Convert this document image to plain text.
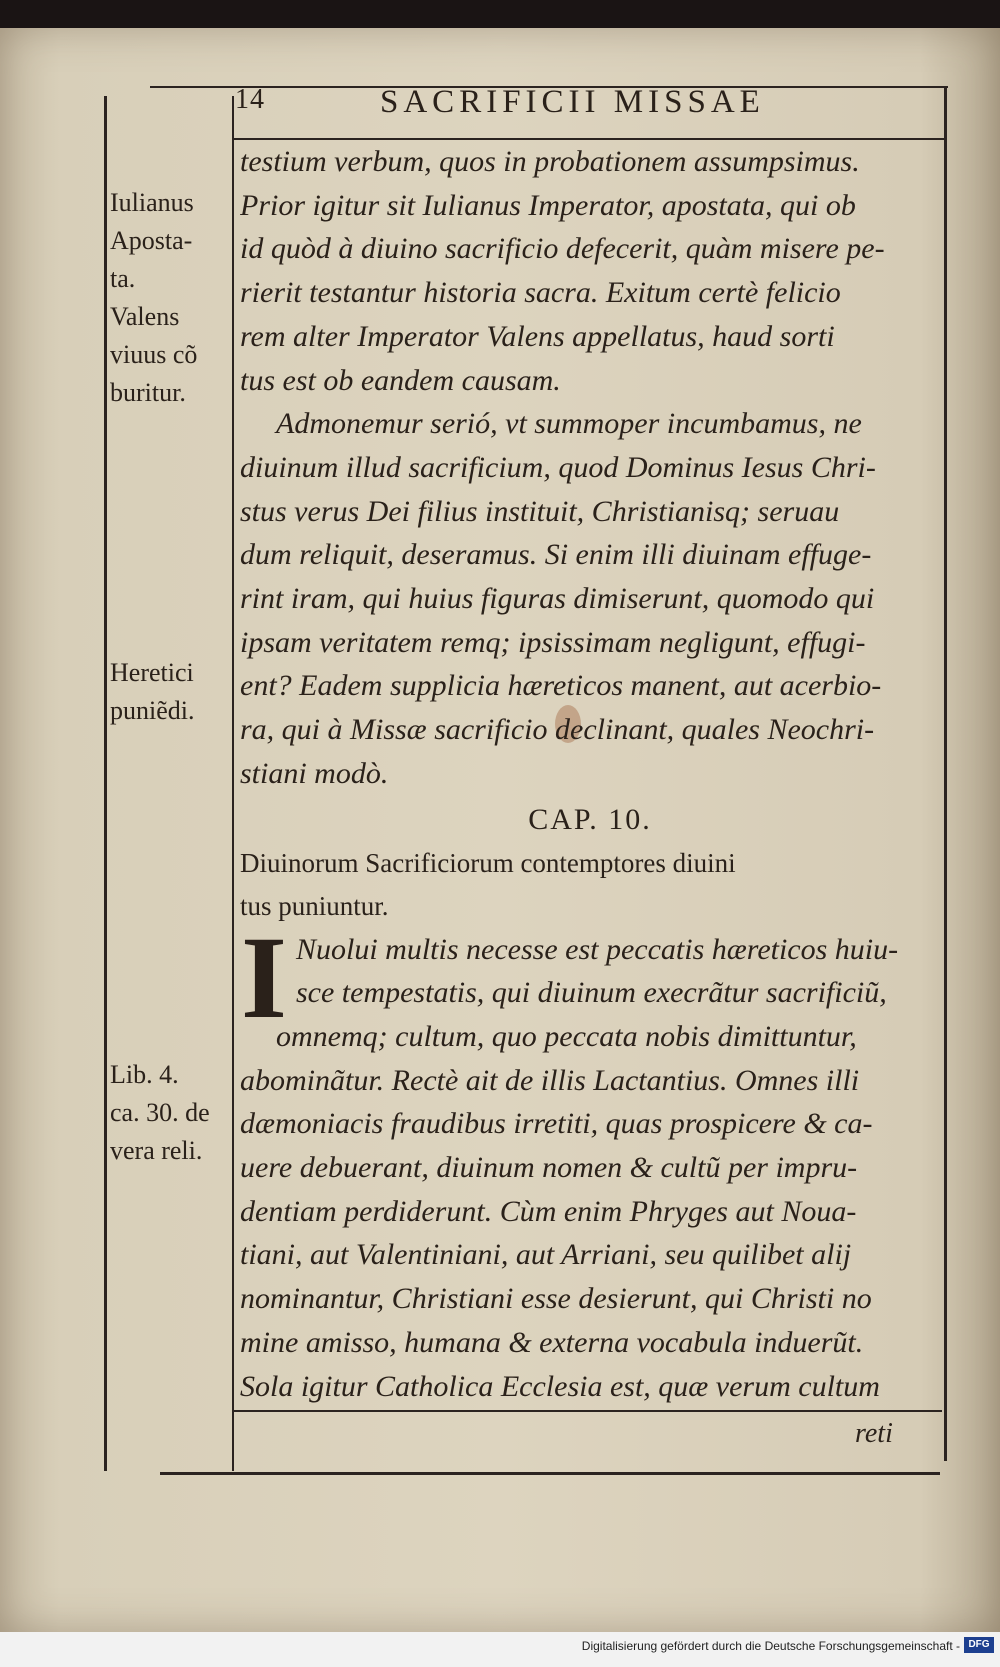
14	SACRIFICII MISSAE
testium verbum, quos in probationem assumpsimus.
Prior igitur sit Iulianus Imperator, apostata, qui ob
id quòd à diuino sacrificio defecerit, quàm misere pe-
rierit testantur historia sacra. Exitum certè felicio
rem alter Imperator Valens appellatus, haud sorti
tus est ob eandem causam.
Admonemur serió, vt summoper incumbamus, ne
diuinum illud sacrificium, quod Dominus Iesus Chri-
stus verus Dei filius instituit, Christianisq; seruau
dum reliquit, deseramus. Si enim illi diuinam effuge-
rint iram, qui huius figuras dimiserunt, quomodo qui
ipsam veritatem remq; ipsissimam negligunt, effugi-
ent? Eadem supplicia hæreticos manent, aut acerbio-
ra, qui à Missæ sacrificio declinant, quales Neochri-
stiani modò.
CAP. 10.
Diuinorum Sacrificiorum contemptores diuini
tus puniuntur.
I Nuolui multis necesse est peccatis hæreticos huiu-
sce tempestatis, qui diuinum execrãtur sacrificiũ,
omnemq; cultum, quo peccata nobis dimittuntur,
abominãtur. Rectè ait de illis Lactantius. Omnes illi
dæmoniacis fraudibus irretiti, quas prospicere & ca-
uere debuerant, diuinum nomen & cultũ per impru-
dentiam perdiderunt. Cùm enim Phryges aut Noua-
tiani, aut Valentiniani, aut Arriani, seu quilibet alij
nominantur, Christiani esse desierunt, qui Christi no
mine amisso, humana & externa vocabula induerũt.
Sola igitur Catholica Ecclesia est, quæ verum cultum
Iulianus
Aposta-
ta.
Valens
viuus cõ
buritur.
Heretici
puniẽdi.
Lib. 4.
ca. 30. de
vera reli.
reti
Digitalisierung gefördert durch die Deutsche Forschungsgemeinschaft - DFG
